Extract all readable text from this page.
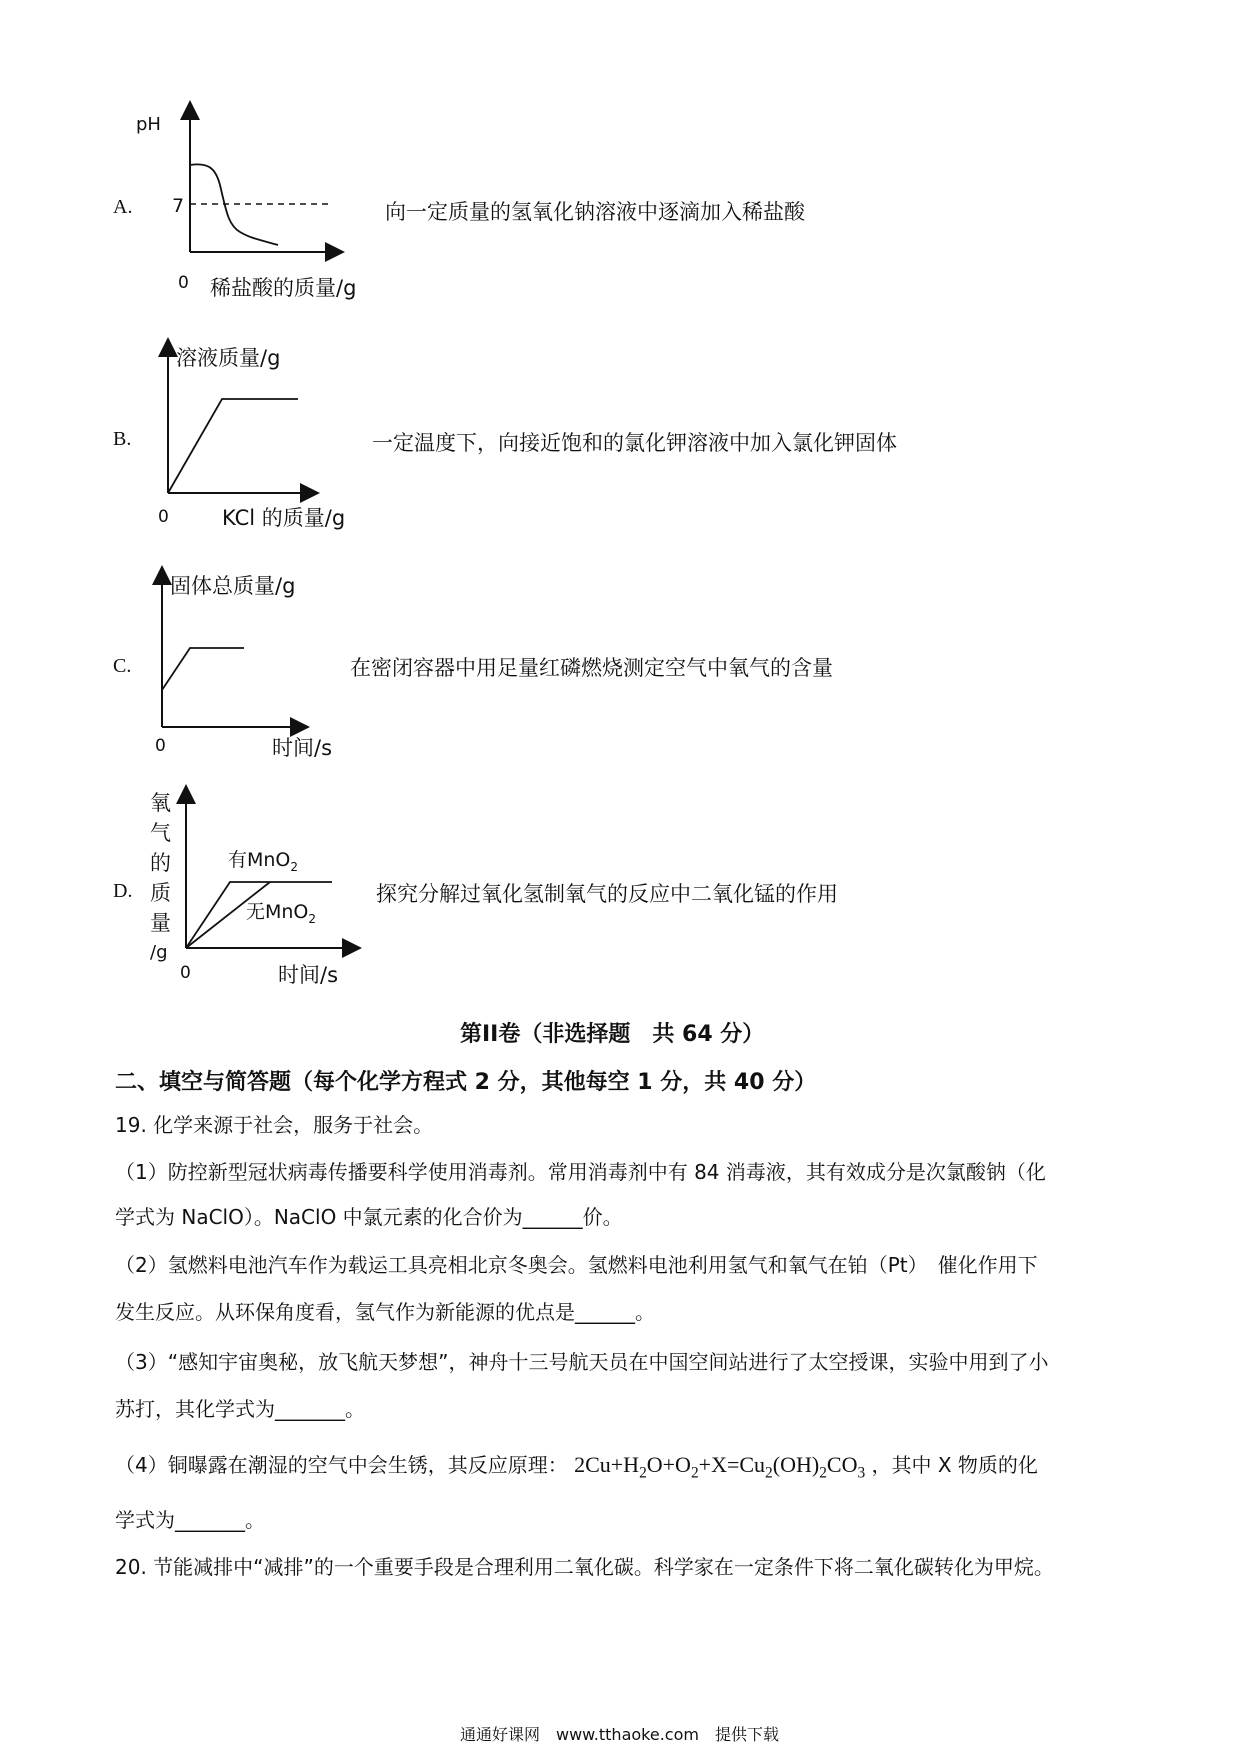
A.
pH
7
0 稀盐酸的质量/g
向一定质量的氢氧化钠溶液中逐滴加入稀盐酸
B.
溶液质量/g
0	KCl 的质量/g
一定温度下，向接近饱和的氯化钾溶液中加入氯化钾固体
C.
固体总质量/g
0	时间/s
在密闭容器中用足量红磷燃烧测定空气中氧气的含量
D.
氧
气
的
质
量
/g
有MnO$_2$
无MnO$_2$
0	时间/s
探究分解过氧化氢制氧气的反应中二氧化锰的作用
第II卷（非选择题　共 64 分）
二、填空与简答题（每个化学方程式 2 分，其他每空 1 分，共 40 分）
19. 化学来源于社会，服务于社会。
（1）防控新型冠状病毒传播要科学使用消毒剂。常用消毒剂中有 84 消毒液，其有效成分是次氯酸钠（化
学式为 NaClO）。NaClO 中氯元素的化合价为______价。
（2）氢燃料电池汽车作为载运工具亮相北京冬奥会。氢燃料电池利用氢气和氧气在铂（Pt）　催化作用下
发生反应。从环保角度看，氢气作为新能源的优点是______。
（3）“感知宇宙奥秘，放飞航天梦想”，神舟十三号航天员在中国空间站进行了太空授课，实验中用到了小
苏打，其化学式为_______。
（4）铜曝露在潮湿的空气中会生锈，其反应原理： $2Cu+H_2O+O_2+X=Cu_2(OH)_2CO_3$ ，其中 X 物质的化
学式为_______。
20. 节能减排中“减排”的一个重要手段是合理利用二氧化碳。科学家在一定条件下将二氧化碳转化为甲烷。
通通好课网　www.tthaoke.com　提供下载
